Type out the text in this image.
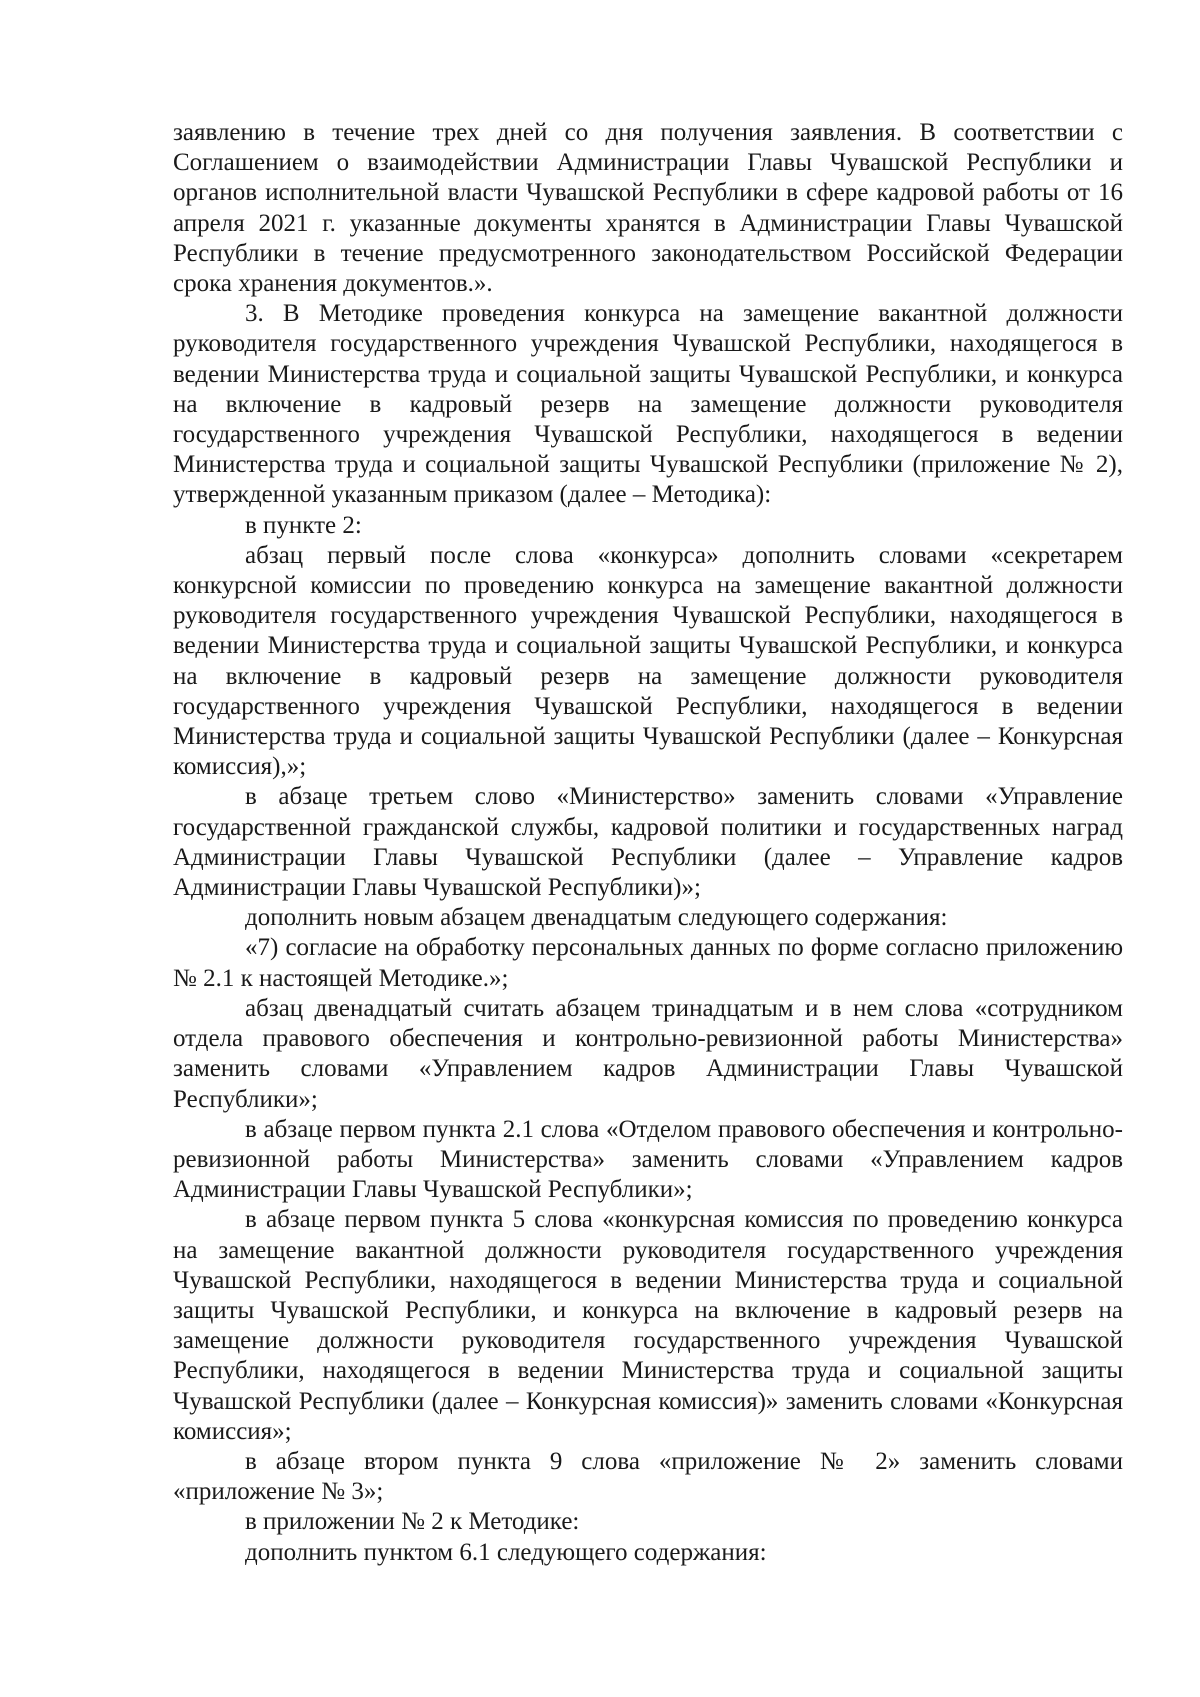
заявлению в течение трех дней со дня получения заявления. В соответствии с Соглашением о взаимодействии Администрации Главы Чувашской Республики и органов исполнительной власти Чувашской Республики в сфере кадровой работы от 16 апреля 2021 г. указанные документы хранятся в Администрации Главы Чувашской Республики в течение предусмотренного законодательством Российской Федерации срока хранения документов.».

3. В Методике проведения конкурса на замещение вакантной должности руководителя государственного учреждения Чувашской Республики, находящегося в ведении Министерства труда и социальной защиты Чувашской Республики, и конкурса на включение в кадровый резерв на замещение должности руководителя государственного учреждения Чувашской Республики, находящегося в ведении Министерства труда и социальной защиты Чувашской Республики (приложение № 2), утвержденной указанным приказом (далее – Методика):

в пункте 2:

абзац первый после слова «конкурса» дополнить словами «секретарем конкурсной комиссии по проведению конкурса на замещение вакантной должности руководителя государственного учреждения Чувашской Республики, находящегося в ведении Министерства труда и социальной защиты Чувашской Республики, и конкурса на включение в кадровый резерв на замещение должности руководителя государственного учреждения Чувашской Республики, находящегося в ведении Министерства труда и социальной защиты Чувашской Республики (далее – Конкурсная комиссия),»;

в абзаце третьем слово «Министерство» заменить словами «Управление государственной гражданской службы, кадровой политики и государственных наград Администрации Главы Чувашской Республики (далее – Управление кадров Администрации Главы Чувашской Республики)»;

дополнить новым абзацем двенадцатым следующего содержания:

«7) согласие на обработку персональных данных по форме согласно приложению № 2.1 к настоящей Методике.»;

абзац двенадцатый считать абзацем тринадцатым и в нем слова «сотрудником отдела правового обеспечения и контрольно-ревизионной работы Министерства» заменить словами «Управлением кадров Администрации Главы Чувашской Республики»;

в абзаце первом пункта 2.1 слова «Отделом правового обеспечения и контрольно-ревизионной работы Министерства» заменить словами «Управлением кадров Администрации Главы Чувашской Республики»;

в абзаце первом пункта 5 слова «конкурсная комиссия по проведению конкурса на замещение вакантной должности руководителя государственного учреждения Чувашской Республики, находящегося в ведении Министерства труда и социальной защиты Чувашской Республики, и конкурса на включение в кадровый резерв на замещение должности руководителя государственного учреждения Чувашской Республики, находящегося в ведении Министерства труда и социальной защиты Чувашской Республики (далее – Конкурсная комиссия)» заменить словами «Конкурсная комиссия»;

в абзаце втором пункта 9 слова «приложение № 2» заменить словами «приложение № 3»;

в приложении № 2 к Методике:

дополнить пунктом 6.1 следующего содержания:
